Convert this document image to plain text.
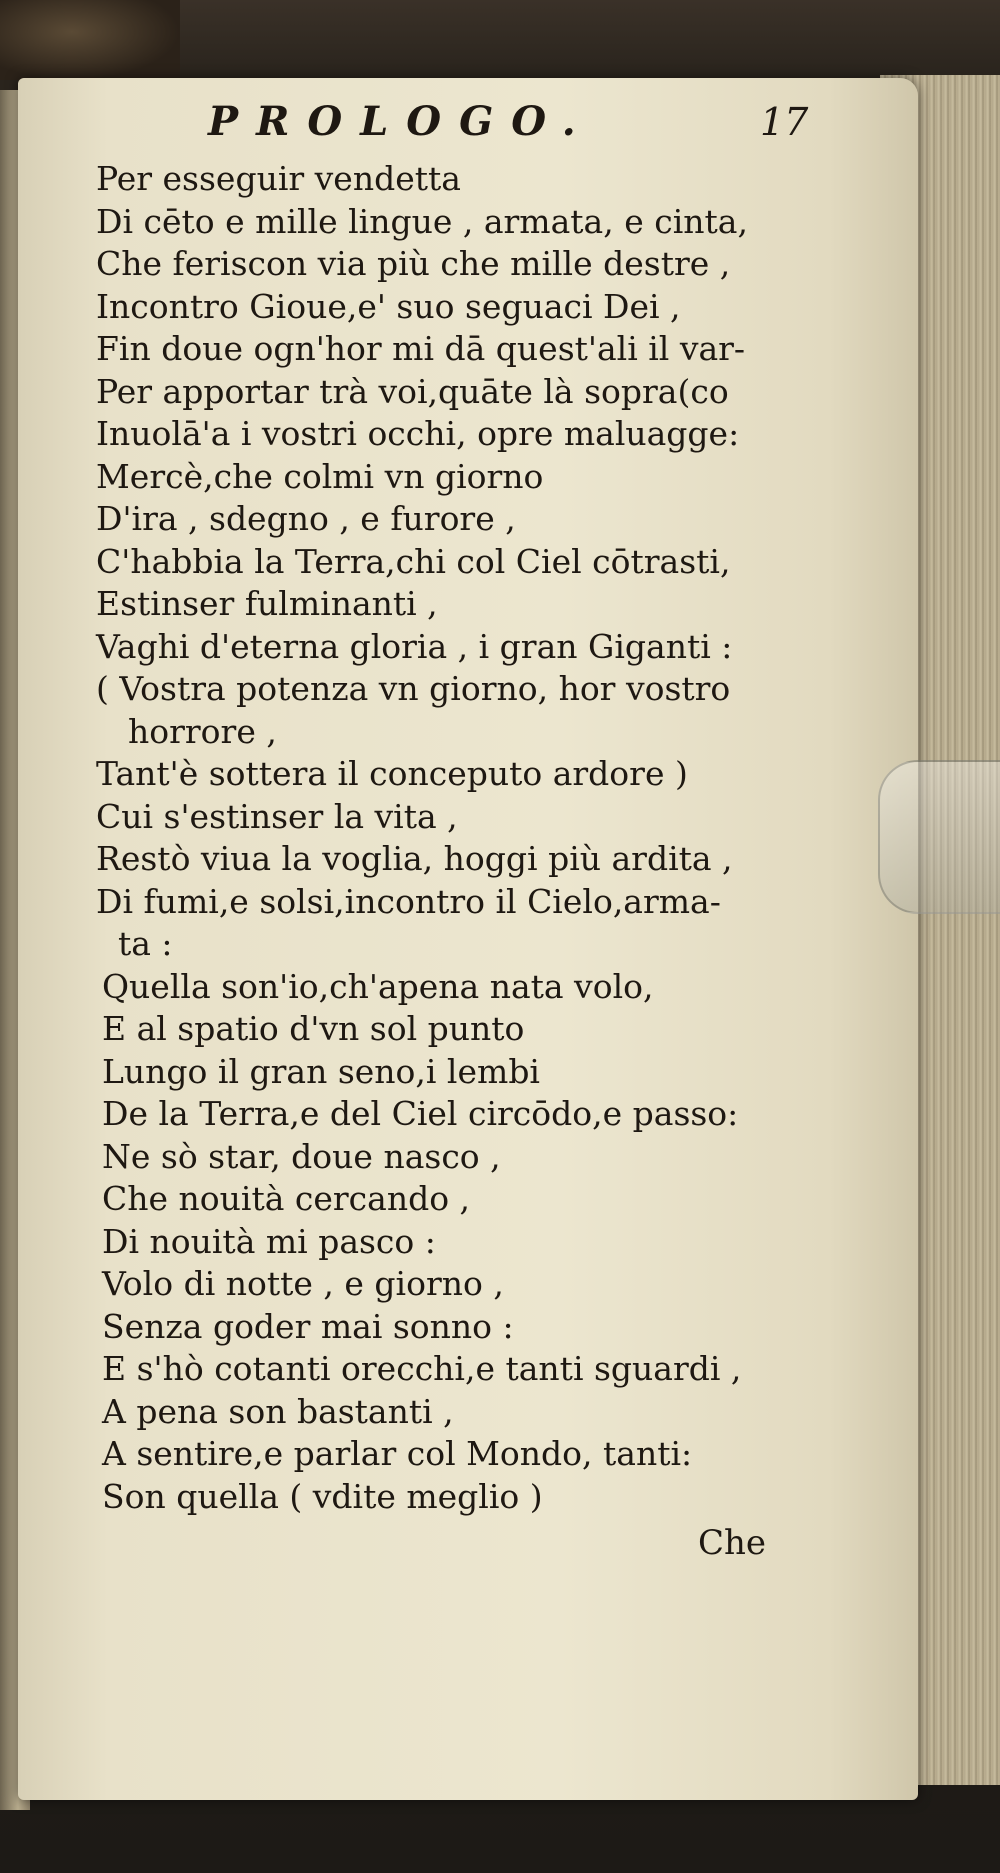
PROLOGO.	17
Per esseguir vendetta
Di cēto e mille lingue , armata, e cinta,
Che feriscon via più che mille destre ,
Incontro Gioue,e' suo seguaci Dei ,
Fin doue ogn'hor mi dā quest'ali il var-
Per apportar trà voi,quāte là sopra(co
Inuolā'a i vostri occhi, opre maluagge:
Mercè,che colmi vn giorno
D'ira , sdegno , e furore ,
C'habbia la Terra,chi col Ciel cōtrasti,
Estinser fulminanti ,
Vaghi d'eterna gloria , i gran Giganti :
( Vostra potenza vn giorno, hor vostro
horrore ,
Tant'è sottera il conceputo ardore )
Cui s'estinser la vita ,
Restò viua la voglia, hoggi più ardita ,
Di fumi,e solsi,incontro il Cielo,arma-
ta :
Quella son'io,ch'apena nata volo,
E al spatio d'vn sol punto
Lungo il gran seno,i lembi
De la Terra,e del Ciel circōdo,e passo:
Ne sò star, doue nasco ,
Che nouità cercando ,
Di nouità mi pasco :
Volo di notte , e giorno ,
Senza goder mai sonno :
E s'hò cotanti orecchi,e tanti sguardi ,
A pena son bastanti ,
A sentire,e parlar col Mondo, tanti:
Son quella ( vdite meglio )
Che
